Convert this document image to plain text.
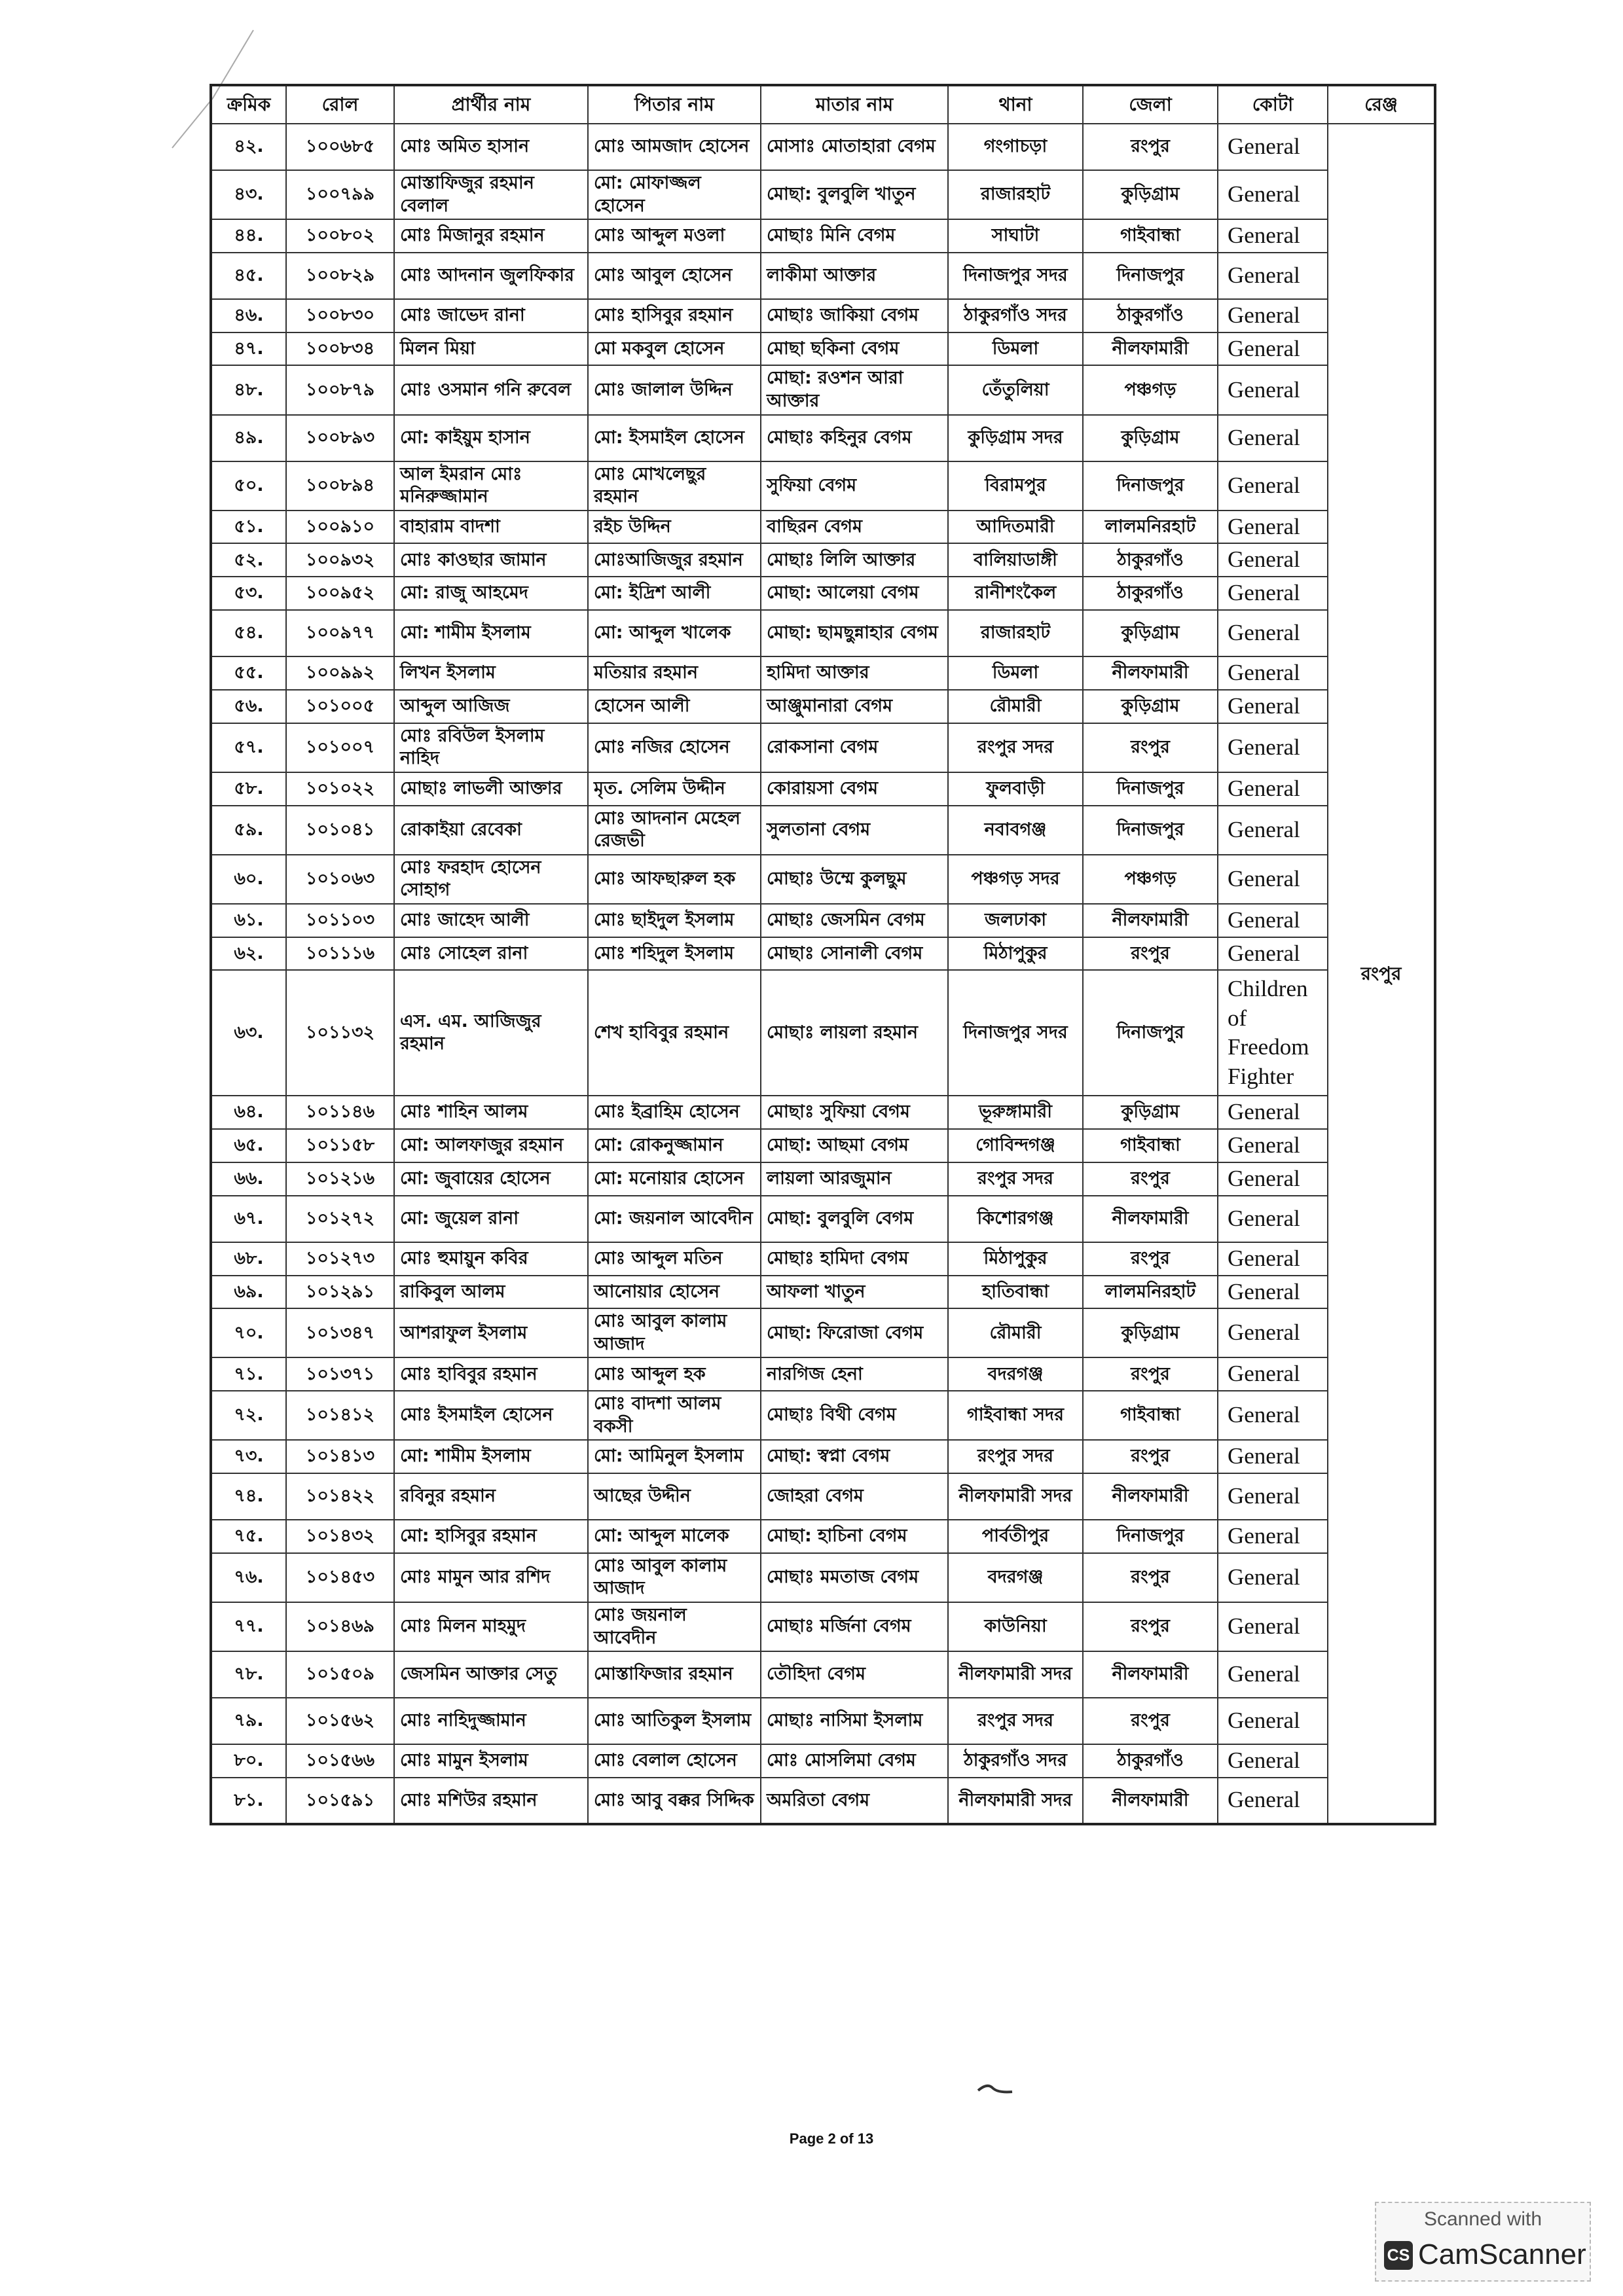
ক্রমিক	রোল	প্রার্থীর নাম	পিতার নাম	মাতার নাম	থানা	জেলা	কোটা	রেঞ্জ
৪২.	১০০৬৮৫	মোঃ অমিত হাসান	মোঃ আমজাদ হোসেন	মোসাঃ মোতাহারা বেগম	গংগাচড়া	রংপুর	General	রংপুর
৪৩.	১০০৭৯৯	মোস্তাফিজুর রহমান বেলাল	মো: মোফাজ্জল হোসেন	মোছা: বুলবুলি খাতুন	রাজারহাট	কুড়িগ্রাম	General	
৪৪.	১০০৮০২	মোঃ মিজানুর রহমান	মোঃ আব্দুল মওলা	মোছাঃ মিনি বেগম	সাঘাটা	গাইবান্ধা	General	
৪৫.	১০০৮২৯	মোঃ আদনান জুলফিকার	মোঃ আবুল হোসেন	লাকীমা আক্তার	দিনাজপুর সদর	দিনাজপুর	General	
৪৬.	১০০৮৩০	মোঃ জাভেদ রানা	মোঃ হাসিবুর রহমান	মোছাঃ জাকিয়া বেগম	ঠাকুরগাঁও সদর	ঠাকুরগাঁও	General	
৪৭.	১০০৮৩৪	মিলন মিয়া	মো মকবুল হোসেন	মোছা ছকিনা বেগম	ডিমলা	নীলফামারী	General	
৪৮.	১০০৮৭৯	মোঃ ওসমান গনি রুবেল	মোঃ জালাল উদ্দিন	মোছা: রওশন আরা আক্তার	তেঁতুলিয়া	পঞ্চগড়	General	
৪৯.	১০০৮৯৩	মো: কাইয়ুম হাসান	মো: ইসমাইল হোসেন	মোছাঃ কহিনুর বেগম	কুড়িগ্রাম সদর	কুড়িগ্রাম	General	
৫০.	১০০৮৯৪	আল ইমরান মোঃ মনিরুজ্জামান	মোঃ মোখলেছুর রহমান	সুফিয়া বেগম	বিরামপুর	দিনাজপুর	General	
৫১.	১০০৯১০	বাহারাম বাদশা	রইচ উদ্দিন	বাছিরন বেগম	আদিতমারী	লালমনিরহাট	General	
৫২.	১০০৯৩২	মোঃ কাওছার জামান	মোঃআজিজুর রহমান	মোছাঃ লিলি আক্তার	বালিয়াডাঙ্গী	ঠাকুরগাঁও	General	
৫৩.	১০০৯৫২	মো: রাজু আহমেদ	মো: ইদ্রিশ আলী	মোছা: আলেয়া বেগম	রানীশংকৈল	ঠাকুরগাঁও	General	
৫৪.	১০০৯৭৭	মো: শামীম ইসলাম	মো: আব্দুল খালেক	মোছা: ছামছুন্নাহার বেগম	রাজারহাট	কুড়িগ্রাম	General	
৫৫.	১০০৯৯২	লিখন ইসলাম	মতিয়ার রহমান	হামিদা আক্তার	ডিমলা	নীলফামারী	General	
৫৬.	১০১০০৫	আব্দুল আজিজ	হোসেন আলী	আঞ্জুমানারা বেগম	রৌমারী	কুড়িগ্রাম	General	
৫৭.	১০১০০৭	মোঃ রবিউল ইসলাম নাহিদ	মোঃ নজির হোসেন	রোকসানা বেগম	রংপুর সদর	রংপুর	General	
৫৮.	১০১০২২	মোছাঃ লাভলী আক্তার	মৃত. সেলিম উদ্দীন	কোরায়সা বেগম	ফুলবাড়ী	দিনাজপুর	General	
৫৯.	১০১০৪১	রোকাইয়া রেবেকা	মোঃ আদনান মেহেল রেজভী	সুলতানা বেগম	নবাবগঞ্জ	দিনাজপুর	General	
৬০.	১০১০৬৩	মোঃ ফরহাদ হোসেন সোহাগ	মোঃ আফছারুল হক	মোছাঃ উম্মে কুলছুম	পঞ্চগড় সদর	পঞ্চগড়	General	
৬১.	১০১১০৩	মোঃ জাহেদ আলী	মোঃ ছাইদুল ইসলাম	মোছাঃ জেসমিন বেগম	জলঢাকা	নীলফামারী	General	
৬২.	১০১১১৬	মোঃ সোহেল রানা	মোঃ শহিদুল ইসলাম	মোছাঃ সোনালী বেগম	মিঠাপুকুর	রংপুর	General	
৬৩.	১০১১৩২	এস. এম. আজিজুর রহমান	শেখ হাবিবুর রহমান	মোছাঃ লায়লা রহমান	দিনাজপুর সদর	দিনাজপুর	Children of Freedom Fighter	
৬৪.	১০১১৪৬	মোঃ শাহিন আলম	মোঃ ইব্রাহিম হোসেন	মোছাঃ সুফিয়া বেগম	ভূরুঙ্গামারী	কুড়িগ্রাম	General	
৬৫.	১০১১৫৮	মো: আলফাজুর রহমান	মো: রোকনুজ্জামান	মোছা: আছমা বেগম	গোবিন্দগঞ্জ	গাইবান্ধা	General	
৬৬.	১০১২১৬	মো: জুবায়ের হোসেন	মো: মনোয়ার হোসেন	লায়লা আরজুমান	রংপুর সদর	রংপুর	General	
৬৭.	১০১২৭২	মো: জুয়েল রানা	মো: জয়নাল আবেদীন	মোছা: বুলবুলি বেগম	কিশোরগঞ্জ	নীলফামারী	General	
৬৮.	১০১২৭৩	মোঃ হুমায়ুন কবির	মোঃ আব্দুল মতিন	মোছাঃ হামিদা বেগম	মিঠাপুকুর	রংপুর	General	
৬৯.	১০১২৯১	রাকিবুল আলম	আনোয়ার হোসেন	আফলা খাতুন	হাতিবান্ধা	লালমনিরহাট	General	
৭০.	১০১৩৪৭	আশরাফুল ইসলাম	মোঃ আবুল কালাম আজাদ	মোছা: ফিরোজা বেগম	রৌমারী	কুড়িগ্রাম	General	
৭১.	১০১৩৭১	মোঃ হাবিবুর রহমান	মোঃ আব্দুল হক	নারগিজ হেনা	বদরগঞ্জ	রংপুর	General	
৭২.	১০১৪১২	মোঃ ইসমাইল হোসেন	মোঃ বাদশা আলম বকসী	মোছাঃ বিথী বেগম	গাইবান্ধা সদর	গাইবান্ধা	General	
৭৩.	১০১৪১৩	মো: শামীম ইসলাম	মো: আমিনুল ইসলাম	মোছা: স্বপ্না বেগম	রংপুর সদর	রংপুর	General	
৭৪.	১০১৪২২	রবিনুর রহমান	আছের উদ্দীন	জোহরা বেগম	নীলফামারী সদর	নীলফামারী	General	
৭৫.	১০১৪৩২	মো: হাসিবুর রহমান	মো: আব্দুল মালেক	মোছা: হাচিনা বেগম	পার্বতীপুর	দিনাজপুর	General	
৭৬.	১০১৪৫৩	মোঃ মামুন আর রশিদ	মোঃ আবুল কালাম আজাদ	মোছাঃ মমতাজ বেগম	বদরগঞ্জ	রংপুর	General	
৭৭.	১০১৪৬৯	মোঃ মিলন মাহমুদ	মোঃ জয়নাল আবেদীন	মোছাঃ মর্জিনা বেগম	কাউনিয়া	রংপুর	General	
৭৮.	১০১৫০৯	জেসমিন আক্তার সেতু	মোস্তাফিজার রহমান	তৌহিদা বেগম	নীলফামারী সদর	নীলফামারী	General	
৭৯.	১০১৫৬২	মোঃ নাহিদুজ্জামান	মোঃ আতিকুল ইসলাম	মোছাঃ নাসিমা ইসলাম	রংপুর সদর	রংপুর	General	
৮০.	১০১৫৬৬	মোঃ মামুন ইসলাম	মোঃ বেলাল হোসেন	মোঃ মোসলিমা বেগম	ঠাকুরগাঁও সদর	ঠাকুরগাঁও	General	
৮১.	১০১৫৯১	মোঃ মশিউর রহমান	মোঃ আবু বক্কর সিদ্দিক	অমরিতা বেগম	নীলফামারী সদর	নীলফামারী	General	
Page 2 of 13
Scanned with
CS CamScanner
